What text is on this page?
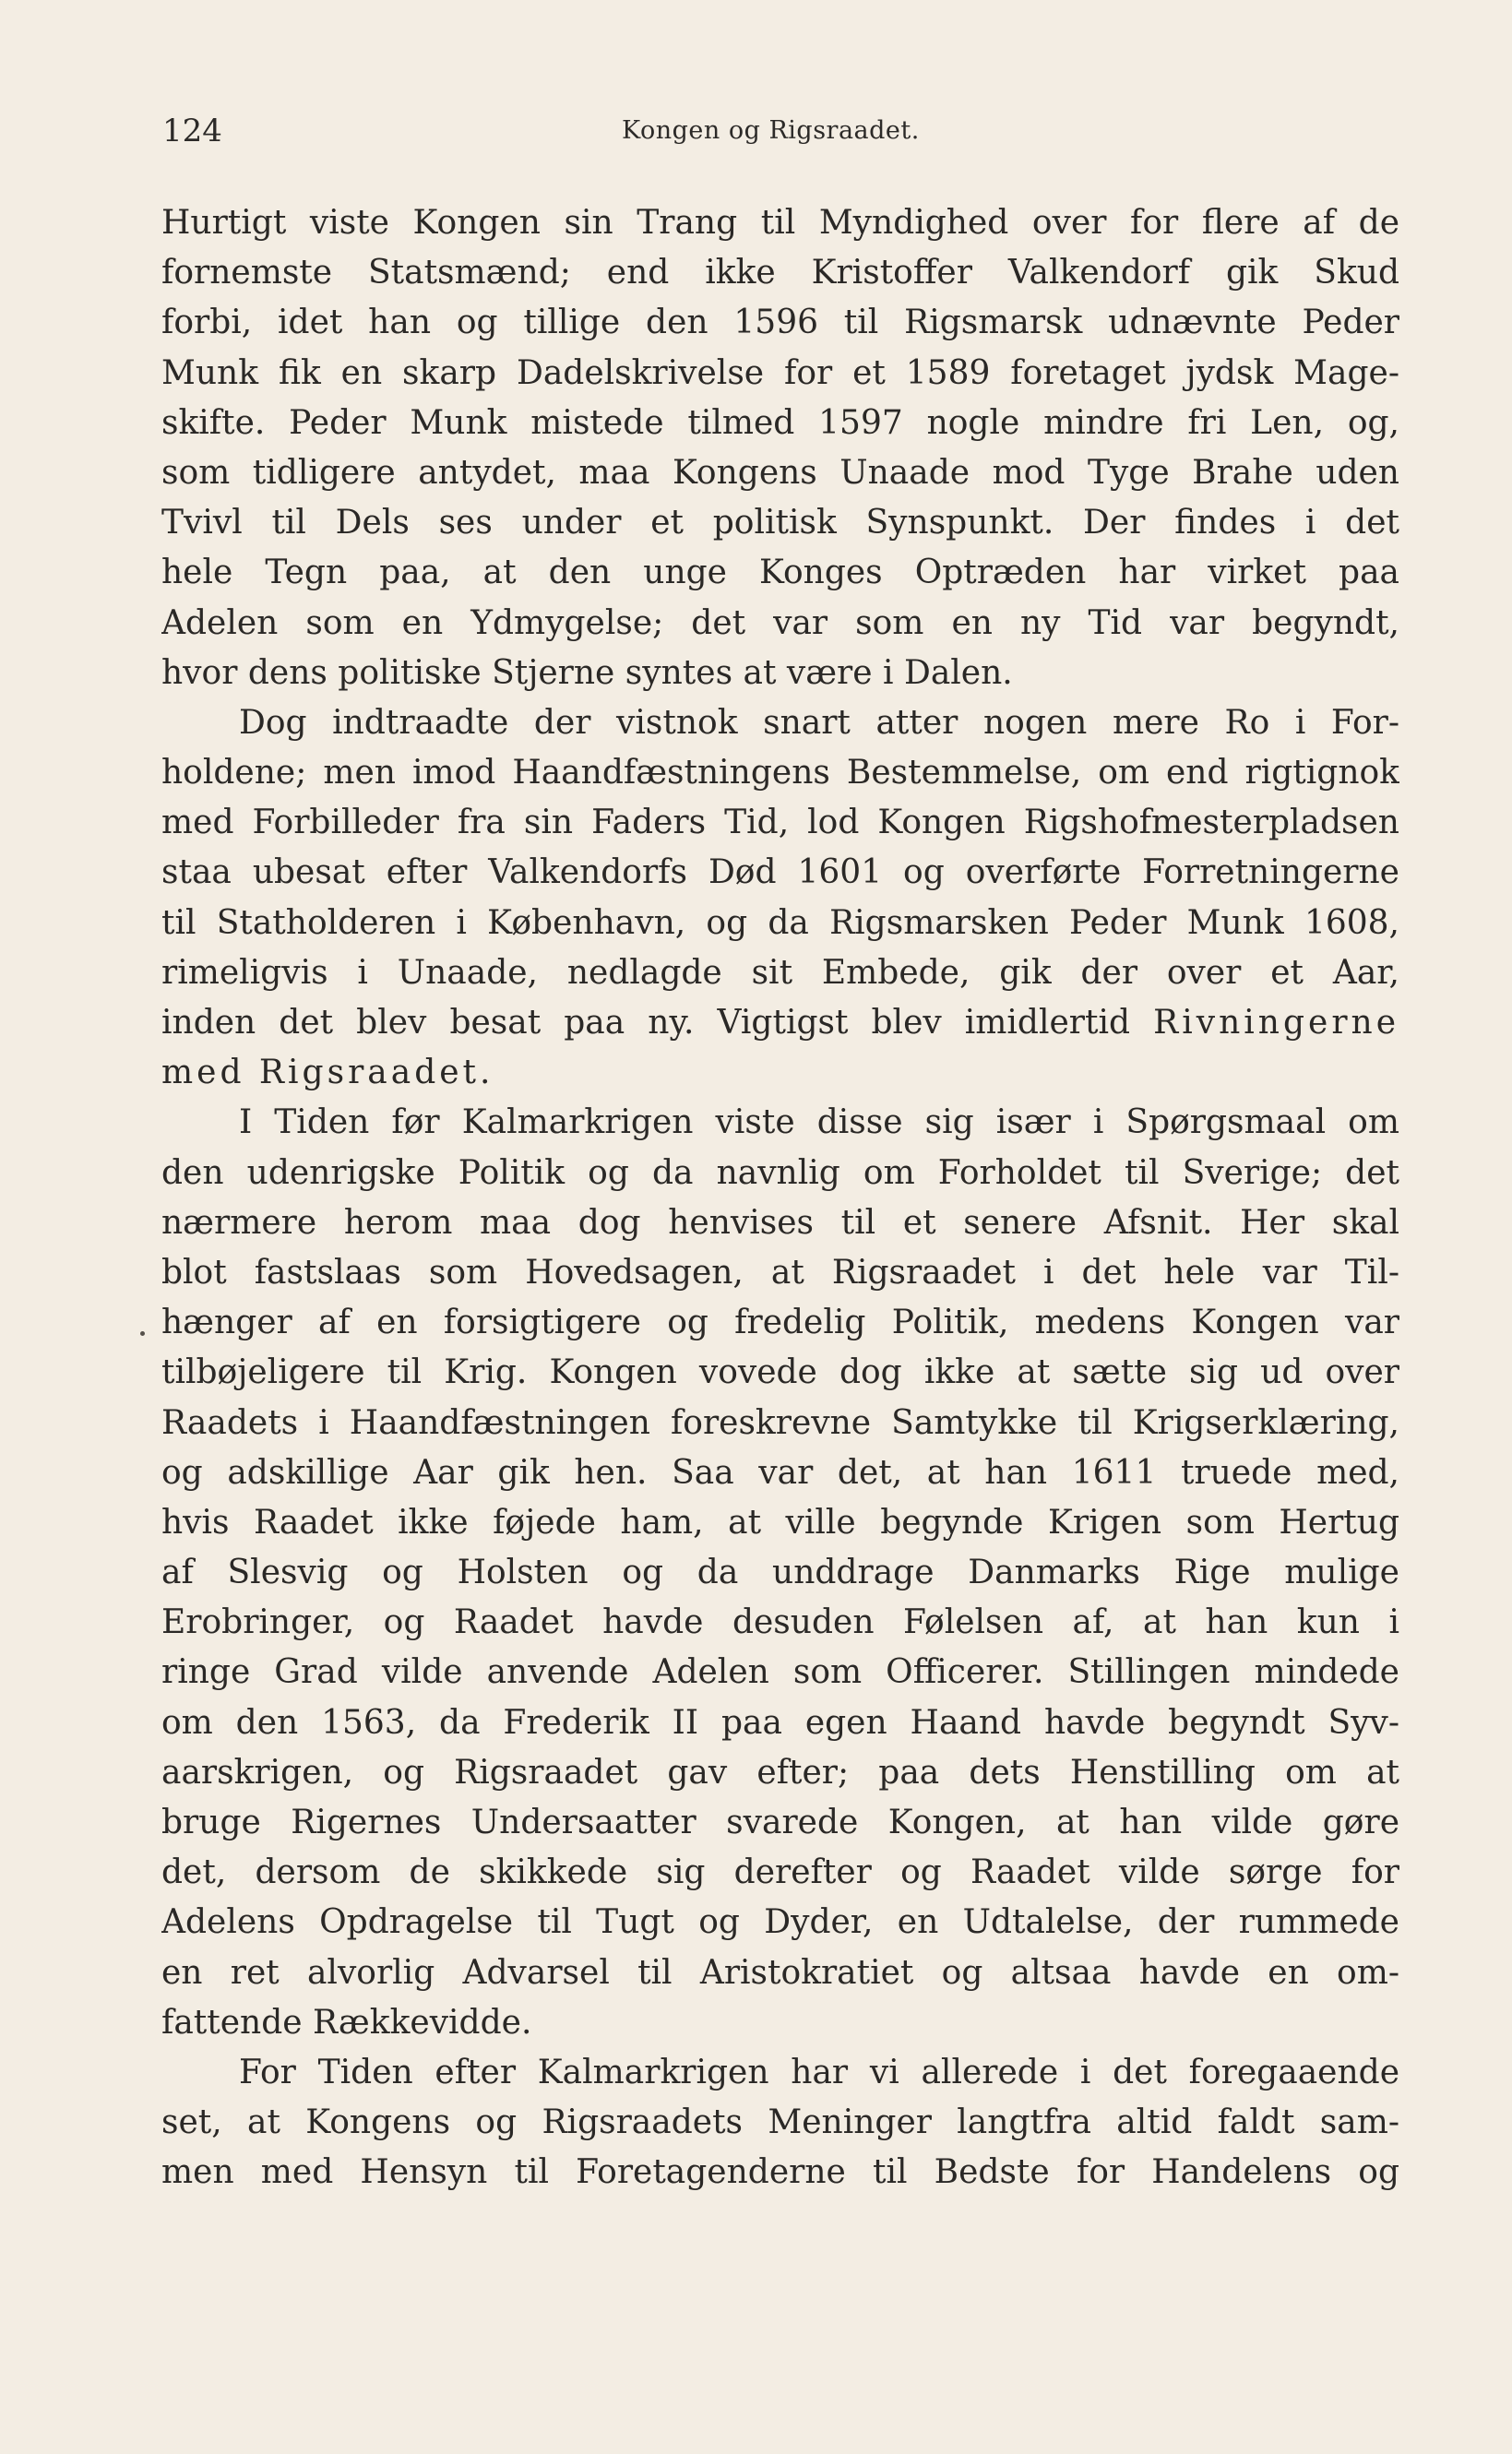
124	Kongen og Rigsraadet.
Hurtigt viste Kongen sin Trang til Myndighed over for flere af de
fornemste Statsmænd; end ikke Kristoffer Valkendorf gik Skud
forbi, idet han og tillige den 1596 til Rigsmarsk udnævnte Peder
Munk fik en skarp Dadelskrivelse for et 1589 foretaget jydsk Mage-
skifte. Peder Munk mistede tilmed 1597 nogle mindre fri Len, og,
som tidligere antydet, maa Kongens Unaade mod Tyge Brahe uden
Tvivl til Dels ses under et politisk Synspunkt. Der findes i det
hele Tegn paa, at den unge Konges Optræden har virket paa
Adelen som en Ydmygelse; det var som en ny Tid var begyndt,
hvor dens politiske Stjerne syntes at være i Dalen.
Dog indtraadte der vistnok snart atter nogen mere Ro i For-
holdene; men imod Haandfæstningens Bestemmelse, om end rigtignok
med Forbilleder fra sin Faders Tid, lod Kongen Rigshofmesterpladsen
staa ubesat efter Valkendorfs Død 1601 og overførte Forretningerne
til Statholderen i København, og da Rigsmarsken Peder Munk 1608,
rimeligvis i Unaade, nedlagde sit Embede, gik der over et Aar,
inden det blev besat paa ny. Vigtigst blev imidlertid Rivningerne
med Rigsraadet.
I Tiden før Kalmarkrigen viste disse sig især i Spørgsmaal om
den udenrigske Politik og da navnlig om Forholdet til Sverige; det
nærmere herom maa dog henvises til et senere Afsnit. Her skal
blot fastslaas som Hovedsagen, at Rigsraadet i det hele var Til-
hænger af en forsigtigere og fredelig Politik, medens Kongen var
tilbøjeligere til Krig. Kongen vovede dog ikke at sætte sig ud over
Raadets i Haandfæstningen foreskrevne Samtykke til Krigserklæring,
og adskillige Aar gik hen. Saa var det, at han 1611 truede med,
hvis Raadet ikke føjede ham, at ville begynde Krigen som Hertug
af Slesvig og Holsten og da unddrage Danmarks Rige mulige
Erobringer, og Raadet havde desuden Følelsen af, at han kun i
ringe Grad vilde anvende Adelen som Officerer. Stillingen mindede
om den 1563, da Frederik II paa egen Haand havde begyndt Syv-
aarskrigen, og Rigsraadet gav efter; paa dets Henstilling om at
bruge Rigernes Undersaatter svarede Kongen, at han vilde gøre
det, dersom de skikkede sig derefter og Raadet vilde sørge for
Adelens Opdragelse til Tugt og Dyder, en Udtalelse, der rummede
en ret alvorlig Advarsel til Aristokratiet og altsaa havde en om-
fattende Rækkevidde.
For Tiden efter Kalmarkrigen har vi allerede i det foregaaende
set, at Kongens og Rigsraadets Meninger langtfra altid faldt sam-
men med Hensyn til Foretagenderne til Bedste for Handelens og
